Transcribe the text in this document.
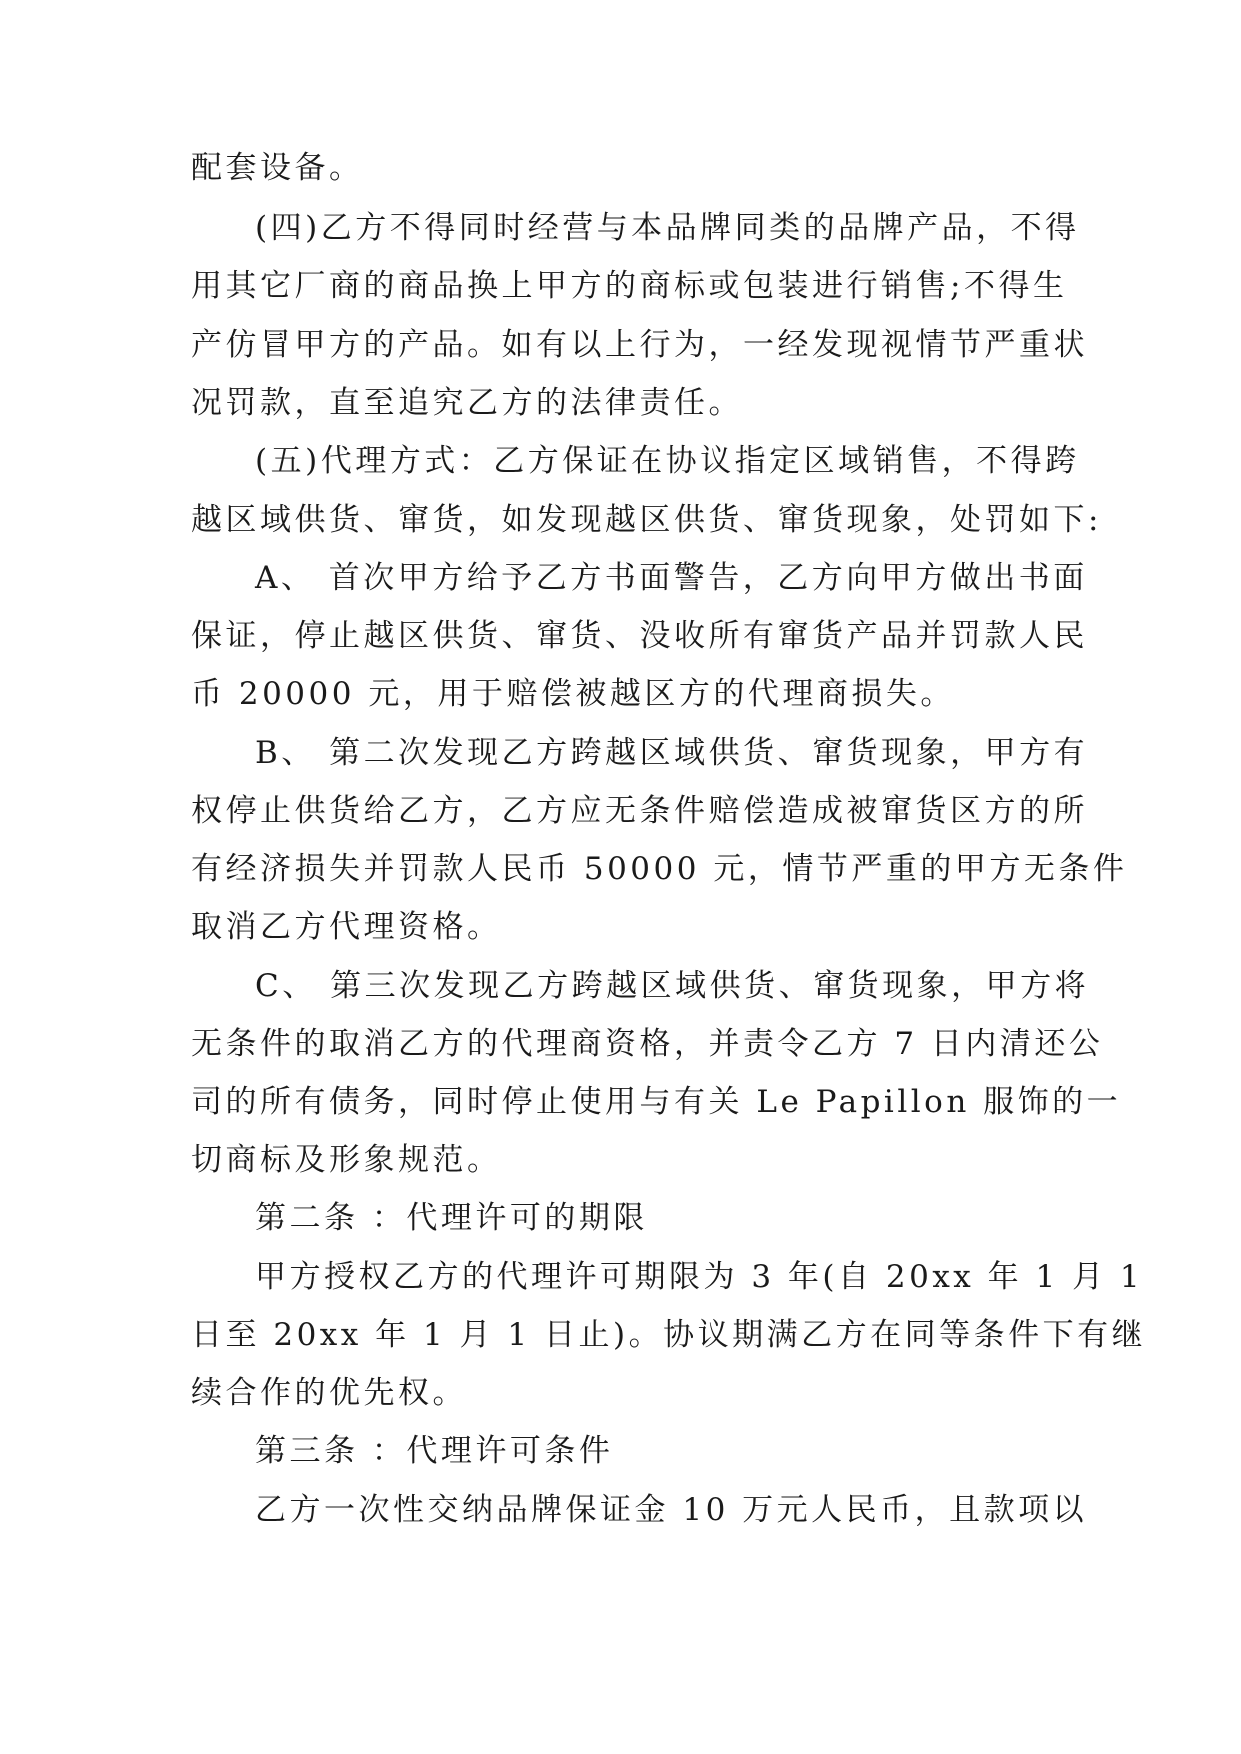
配套设备。
(四)乙方不得同时经营与本品牌同类的品牌产品，不得
用其它厂商的商品换上甲方的商标或包装进行销售;不得生
产仿冒甲方的产品。如有以上行为，一经发现视情节严重状
况罚款，直至追究乙方的法律责任。
(五)代理方式：乙方保证在协议指定区域销售，不得跨
越区域供货、窜货，如发现越区供货、窜货现象，处罚如下:
A、 首次甲方给予乙方书面警告，乙方向甲方做出书面
保证，停止越区供货、窜货、没收所有窜货产品并罚款人民
币 20000 元，用于赔偿被越区方的代理商损失。
B、 第二次发现乙方跨越区域供货、窜货现象，甲方有
权停止供货给乙方，乙方应无条件赔偿造成被窜货区方的所
有经济损失并罚款人民币 50000 元，情节严重的甲方无条件
取消乙方代理资格。
C、 第三次发现乙方跨越区域供货、窜货现象，甲方将
无条件的取消乙方的代理商资格，并责令乙方 7 日内清还公
司的所有债务，同时停止使用与有关 Le Papillon 服饰的一
切商标及形象规范。
第二条 ：代理许可的期限
甲方授权乙方的代理许可期限为 3 年(自 20xx 年 1 月 1
日至 20xx 年 1 月 1 日止)。协议期满乙方在同等条件下有继
续合作的优先权。
第三条 ：代理许可条件
乙方一次性交纳品牌保证金 10 万元人民币，且款项以
